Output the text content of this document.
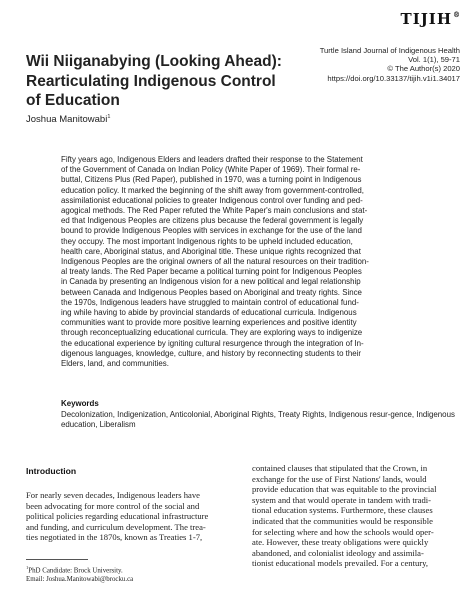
TIJIH®
Wii Niiganabying (Looking Ahead):
Rearticulating Indigenous Control
of Education
Turtle Island Journal of Indigenous Health
Vol. 1(1), 59-71
© The Author(s) 2020
https://doi.org/10.33137/tijih.v1i1.34017
Joshua Manitowabi$^1$
Fifty years ago, Indigenous Elders and leaders drafted their response to the Statement
of the Government of Canada on Indian Policy (White Paper of 1969). Their formal re-
buttal, Citizens Plus (Red Paper), published in 1970, was a turning point in Indigenous
education policy. It marked the beginning of the shift away from government-controlled,
assimilationist educational policies to greater Indigenous control over funding and ped-
agogical methods. The Red Paper refuted the White Paper's main conclusions and stat-
ed that Indigenous Peoples are citizens plus because the federal government is legally
bound to provide Indigenous Peoples with services in exchange for the use of the land
they occupy. The most important Indigenous rights to be upheld included education,
health care, Aboriginal status, and Aboriginal title. These unique rights recognized that
Indigenous Peoples are the original owners of all the natural resources on their tradition-
al treaty lands. The Red Paper became a political turning point for Indigenous Peoples
in Canada by presenting an Indigenous vision for a new political and legal relationship
between Canada and Indigenous Peoples based on Aboriginal and treaty rights. Since
the 1970s, Indigenous leaders have struggled to maintain control of educational fund-
ing while having to abide by provincial standards of educational curricula. Indigenous
communities want to provide more positive learning experiences and positive identity
through reconceptualizing educational curricula. They are exploring ways to indigenize
the educational experience by igniting cultural resurgence through the integration of In-
digenous languages, knowledge, culture, and history by reconnecting students to their
Elders, land, and communities.
Keywords
Decolonization, Indigenization, Anticolonial, Aboriginal Rights, Treaty Rights, Indigenous resur-gence, Indigenous education, Liberalism
Introduction
For nearly seven decades, Indigenous leaders have
been advocating for more control of the social and
political policies regarding educational infrastructure
and funding, and curriculum development. The trea-
ties negotiated in the 1870s, known as Treaties 1-7,
contained clauses that stipulated that the Crown, in
exchange for the use of First Nations' lands, would
provide education that was equitable to the provincial
system and that would operate in tandem with tradi-
tional education systems. Furthermore, these clauses
indicated that the communities would be responsible
for selecting where and how the schools would oper-
ate. However, these treaty obligations were quickly
abandoned, and colonialist ideology and assimila-
tionist educational models prevailed. For a century,
$^1$PhD Candidate: Brock University.
Email: Joshua.Manitowabi@brocku.ca
